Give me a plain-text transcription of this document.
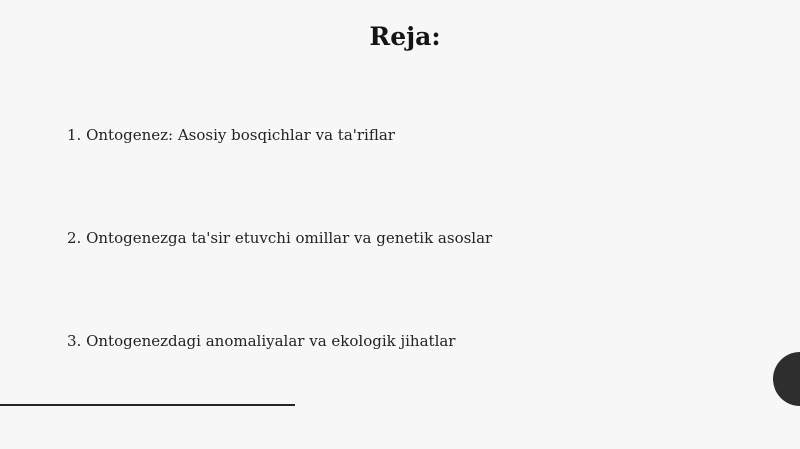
Reja:
1. Ontogenez: Asosiy bosqichlar va ta'riflar
2. Ontogenezga ta'sir etuvchi omillar va genetik asoslar
3. Ontogenezdagi anomaliyalar va ekologik jihatlar
